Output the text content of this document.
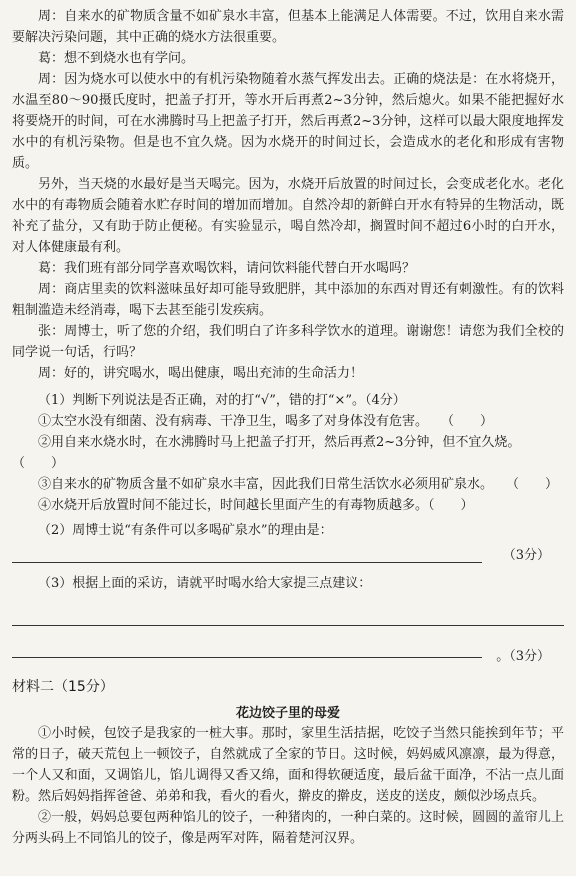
周：自来水的矿物质含量不如矿泉水丰富，但基本上能满足人体需要。不过，饮用自来水需要解决污染问题，其中正确的烧水方法很重要。

葛：想不到烧水也有学问。

周：因为烧水可以使水中的有机污染物随着水蒸气挥发出去。正确的烧法是：在水将烧开，水温至80～90摄氏度时，把盖子打开，等水开后再煮2~3分钟，然后熄火。如果不能把握好水将要烧开的时间，可在水沸腾时马上把盖子打开，然后再煮2~3分钟，这样可以最大限度地挥发水中的有机污染物。但是也不宜久烧。因为水烧开的时间过长，会造成水的老化和形成有害物质。

另外，当天烧的水最好是当天喝完。因为，水烧开后放置的时间过长，会变成老化水。老化水中的有毒物质会随着水贮存时间的增加而增加。自然冷却的新鲜白开水有特异的生物活动，既补充了盐分，又有助于防止便秘。有实验显示，喝自然冷却，搁置时间不超过6小时的白开水，对人体健康最有利。

葛：我们班有部分同学喜欢喝饮料，请问饮料能代替白开水喝吗？

周：商店里卖的饮料滋味虽好却可能导致肥胖，其中添加的东西对胃还有刺激性。有的饮料粗制滥造未经消毒，喝下去甚至能引发疾病。

张：周博士，听了您的介绍，我们明白了许多科学饮水的道理。谢谢您！请您为我们全校的同学说一句话，行吗？

周：好的，讲究喝水，喝出健康，喝出充沛的生命活力！

（1）判断下列说法是否正确，对的打“√”，错的打“×”。（4分）

①太空水没有细菌、没有病毒、干净卫生，喝多了对身体没有危害。　　（　　）

②用自来水烧水时，在水沸腾时马上把盖子打开，然后再煮2~3分钟，但不宜久烧。　　（　　）

③自来水的矿物质含量不如矿泉水丰富，因此我们日常生活饮水必须用矿泉水。　　（　　）

④水烧开后放置时间不能过长，时间越长里面产生的有毒物质越多。（　　）

（2）周博士说“有条件可以多喝矿泉水”的理由是：

（3分）

（3）根据上面的采访，请就平时喝水给大家提三点建议：

。（3分）
材料二（15分）
花边饺子里的母爱

①小时候，包饺子是我家的一桩大事。那时，家里生活拮据，吃饺子当然只能挨到年节；平常的日子，破天荒包上一顿饺子，自然就成了全家的节日。这时候，妈妈威风凛凛，最为得意，一个人又和面，又调馅儿，馅儿调得又香又绵，面和得软硬适度，最后盆干面净，不沾一点儿面粉。然后妈妈指挥爸爸、弟弟和我，看火的看火，擀皮的擀皮，送皮的送皮，颇似沙场点兵。

②一般，妈妈总要包两种馅儿的饺子，一种猪肉的，一种白菜的。这时候，圆圆的盖帘儿上分两头码上不同馅儿的饺子，像是两军对阵，隔着楚河汉界。
